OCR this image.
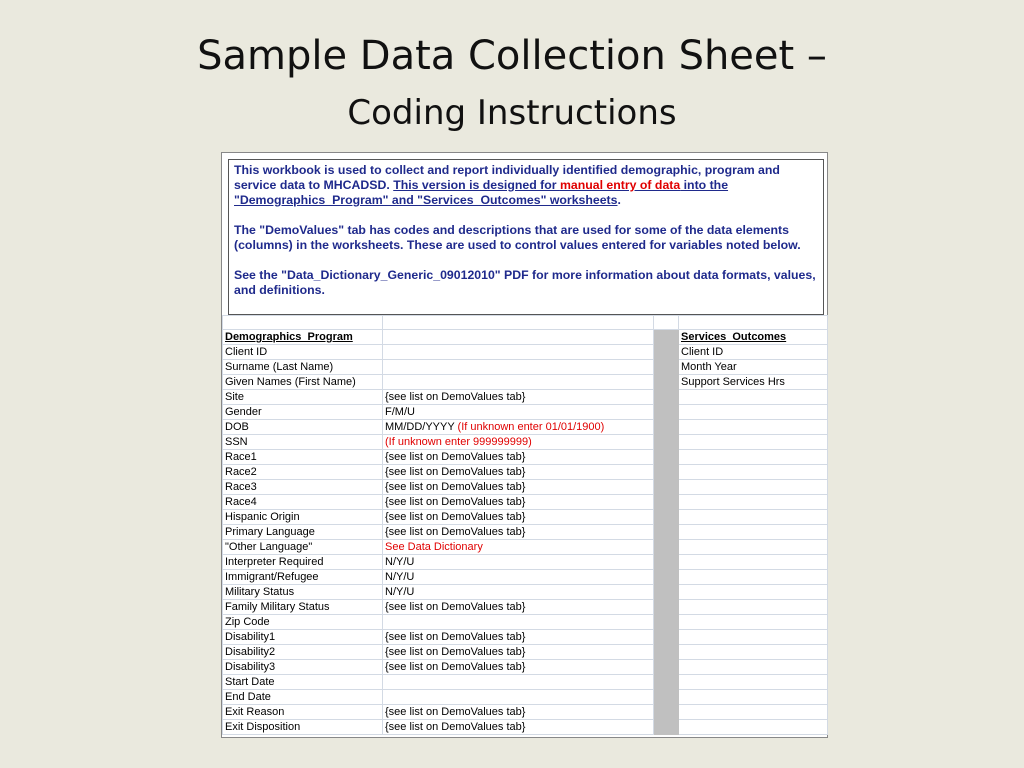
Sample Data Collection Sheet –
Coding Instructions

This workbook is used to collect and report individually identified demographic, program and service data to MHCADSD. This version is designed for manual entry of data into the "Demographics_Program" and "Services_Outcomes" worksheets.

The "DemoValues" tab has codes and descriptions that are used for some of the data elements (columns) in the worksheets. These are used to control values entered for variables noted below.

See the "Data_Dictionary_Generic_09012010" PDF for more information about data formats, values, and definitions.

Demographics_Program			Services_Outcomes
Client ID			Client ID
Surname (Last Name)			Month Year
Given Names (First Name)			Support Services Hrs
Site	{see list on DemoValues tab}		
Gender	F/M/U		
DOB	MM/DD/YYYY (If unknown enter 01/01/1900)		
SSN	(If unknown enter 999999999)		
Race1	{see list on DemoValues tab}		
Race2	{see list on DemoValues tab}		
Race3	{see list on DemoValues tab}		
Race4	{see list on DemoValues tab}		
Hispanic Origin	{see list on DemoValues tab}		
Primary Language	{see list on DemoValues tab}		
"Other Language"	See Data Dictionary		
Interpreter Required	N/Y/U		
Immigrant/Refugee	N/Y/U		
Military Status	N/Y/U		
Family Military Status	{see list on DemoValues tab}		
Zip Code			
Disability1	{see list on DemoValues tab}		
Disability2	{see list on DemoValues tab}		
Disability3	{see list on DemoValues tab}		
Start Date			
End Date			
Exit Reason	{see list on DemoValues tab}		
Exit Disposition	{see list on DemoValues tab}		
